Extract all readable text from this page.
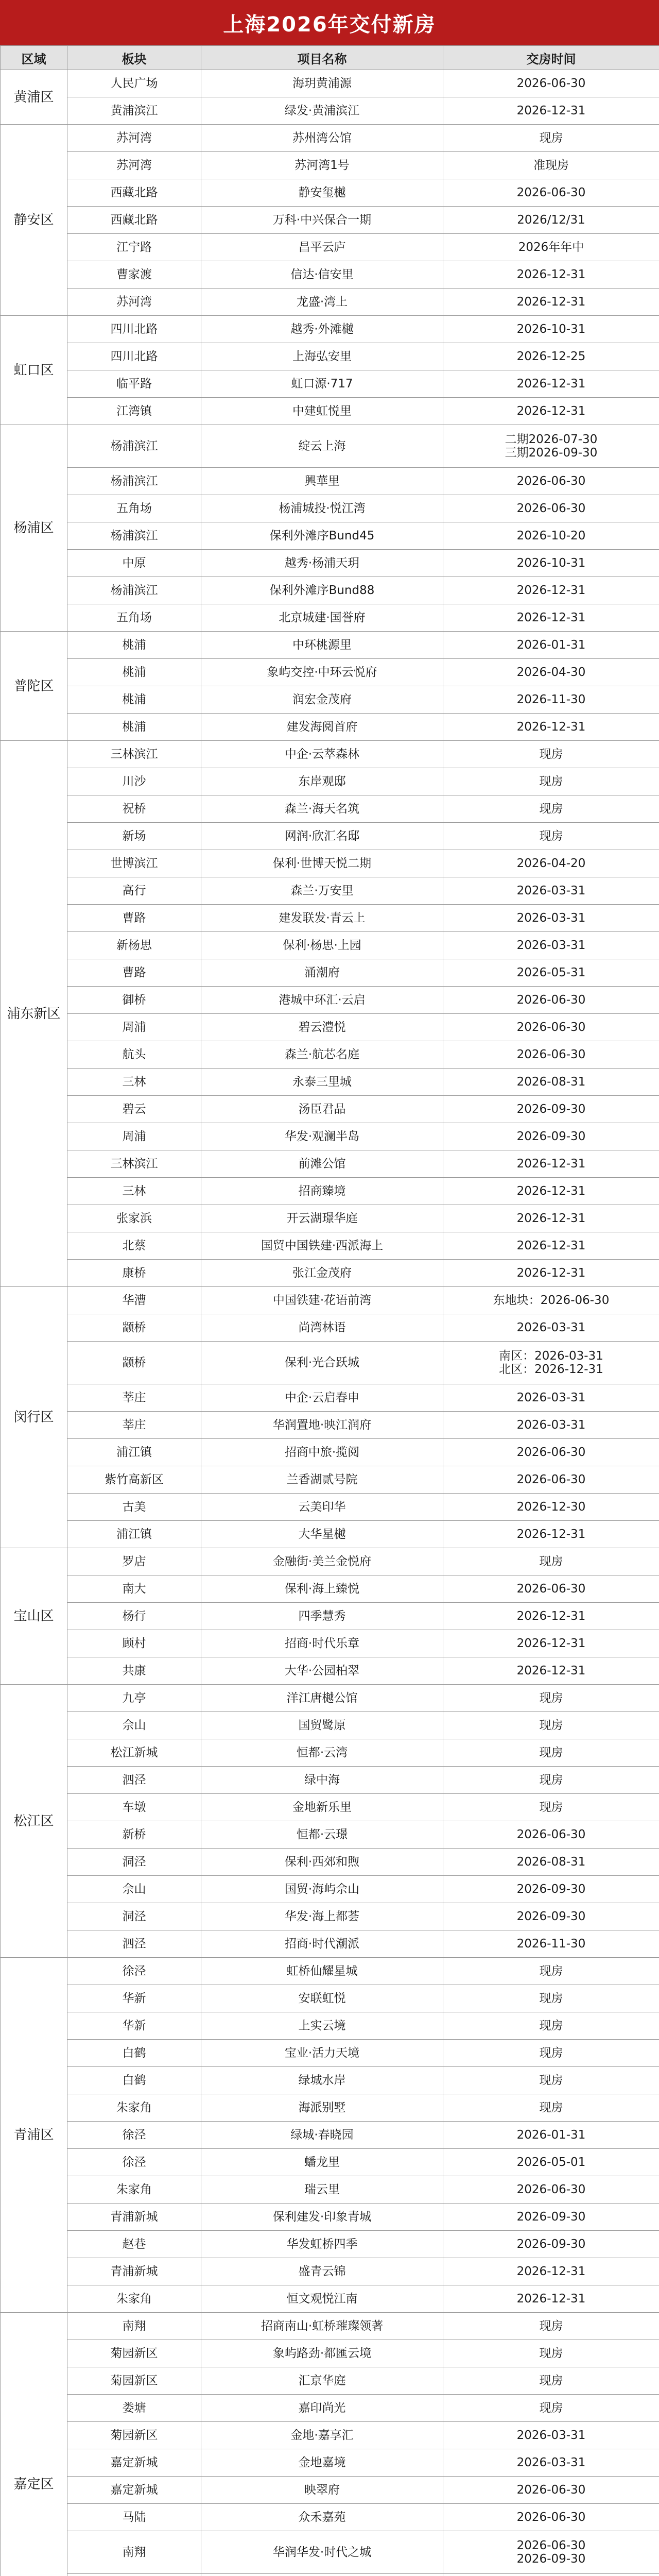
上海2026年交付新房
区域	板块	项目名称	交房时间
黄浦区	人民广场	海玥黄浦源	2026-06-30
	黄浦滨江	绿发·黄浦滨江	2026-12-31
静安区	苏河湾	苏州湾公馆	现房
	苏河湾	苏河湾1号	准现房
	西藏北路	静安玺樾	2026-06-30
	西藏北路	万科·中兴保合一期	2026/12/31
	江宁路	昌平云庐	2026年年中
	曹家渡	信达·信安里	2026-12-31
	苏河湾	龙盛·湾上	2026-12-31
虹口区	四川北路	越秀·外滩樾	2026-10-31
	四川北路	上海弘安里	2026-12-25
	临平路	虹口源·717	2026-12-31
	江湾镇	中建虹悦里	2026-12-31
杨浦区	杨浦滨江	绽云上海	二期2026-07-30
三期2026-09-30

	杨浦滨江	興華里	2026-06-30
	五角场	杨浦城投·悦江湾	2026-06-30
	杨浦滨江	保利外滩序Bund45	2026-10-20
	中原	越秀·杨浦天玥	2026-10-31
	杨浦滨江	保利外滩序Bund88	2026-12-31
	五角场	北京城建·国誉府	2026-12-31
普陀区	桃浦	中环桃源里	2026-01-31
	桃浦	象屿交控·中环云悦府	2026-04-30
	桃浦	润宏金茂府	2026-11-30
	桃浦	建发海阅首府	2026-12-31
浦东新区	三林滨江	中企·云萃森林	现房
	川沙	东岸观邸	现房
	祝桥	森兰·海天名筑	现房
	新场	网润·欣汇名邸	现房
	世博滨江	保利·世博天悦二期	2026-04-20
	高行	森兰·万安里	2026-03-31
	曹路	建发联发·青云上	2026-03-31
	新杨思	保利·杨思·上园	2026-03-31
	曹路	涌潮府	2026-05-31
	御桥	港城中环汇·云启	2026-06-30
	周浦	碧云澧悦	2026-06-30
	航头	森兰·航芯名庭	2026-06-30
	三林	永泰三里城	2026-08-31
	碧云	汤臣君品	2026-09-30
	周浦	华发·观澜半岛	2026-09-30
	三林滨江	前滩公馆	2026-12-31
	三林	招商臻境	2026-12-31
	张家浜	开云湖璟华庭	2026-12-31
	北蔡	国贸中国铁建·西派海上	2026-12-31
	康桥	张江金茂府	2026-12-31
闵行区	华漕	中国铁建·花语前湾	东地块：2026-06-30
	颛桥	尚湾林语	2026-03-31
	颛桥	保利·光合跃城	南区：2026-03-31
北区：2026-12-31

	莘庄	中企·云启春申	2026-03-31
	莘庄	华润置地·映江润府	2026-03-31
	浦江镇	招商中旅·揽阅	2026-06-30
	紫竹高新区	兰香湖贰号院	2026-06-30
	古美	云美印华	2026-12-30
	浦江镇	大华星樾	2026-12-31
宝山区	罗店	金融街·美兰金悦府	现房
	南大	保利·海上臻悦	2026-06-30
	杨行	四季慧秀	2026-12-31
	顾村	招商·时代乐章	2026-12-31
	共康	大华·公园柏翠	2026-12-31
松江区	九亭	洋江唐樾公馆	现房
	佘山	国贸鹭原	现房
	松江新城	恒都·云湾	现房
	泗泾	绿中海	现房
	车墩	金地新乐里	现房
	新桥	恒都·云璟	2026-06-30
	洞泾	保利·西郊和煦	2026-08-31
	佘山	国贸·海屿佘山	2026-09-30
	洞泾	华发·海上都荟	2026-09-30
	泗泾	招商·时代潮派	2026-11-30
青浦区	徐泾	虹桥仙耀星城	现房
	华新	安联虹悦	现房
	华新	上实云境	现房
	白鹤	宝业·活力天境	现房
	白鹤	绿城水岸	现房
	朱家角	海派别墅	现房
	徐泾	绿城·春晓园	2026-01-31
	徐泾	蟠龙里	2026-05-01
	朱家角	瑞云里	2026-06-30
	青浦新城	保利建发·印象青城	2026-09-30
	赵巷	华发虹桥四季	2026-09-30
	青浦新城	盛青云锦	2026-12-31
	朱家角	恒文观悦江南	2026-12-31
嘉定区	南翔	招商南山·虹桥璀璨领著	现房
	菊园新区	象屿路劲·都匯云境	现房
	菊园新区	汇京华庭	现房
	娄塘	嘉印尚光	现房
	菊园新区	金地·嘉享汇	2026-03-31
	嘉定新城	金地嘉境	2026-03-31
	嘉定新城	映翠府	2026-06-30
	马陆	众禾嘉苑	2026-06-30
	南翔	华润华发·时代之城	2026-06-30
2026-09-30
